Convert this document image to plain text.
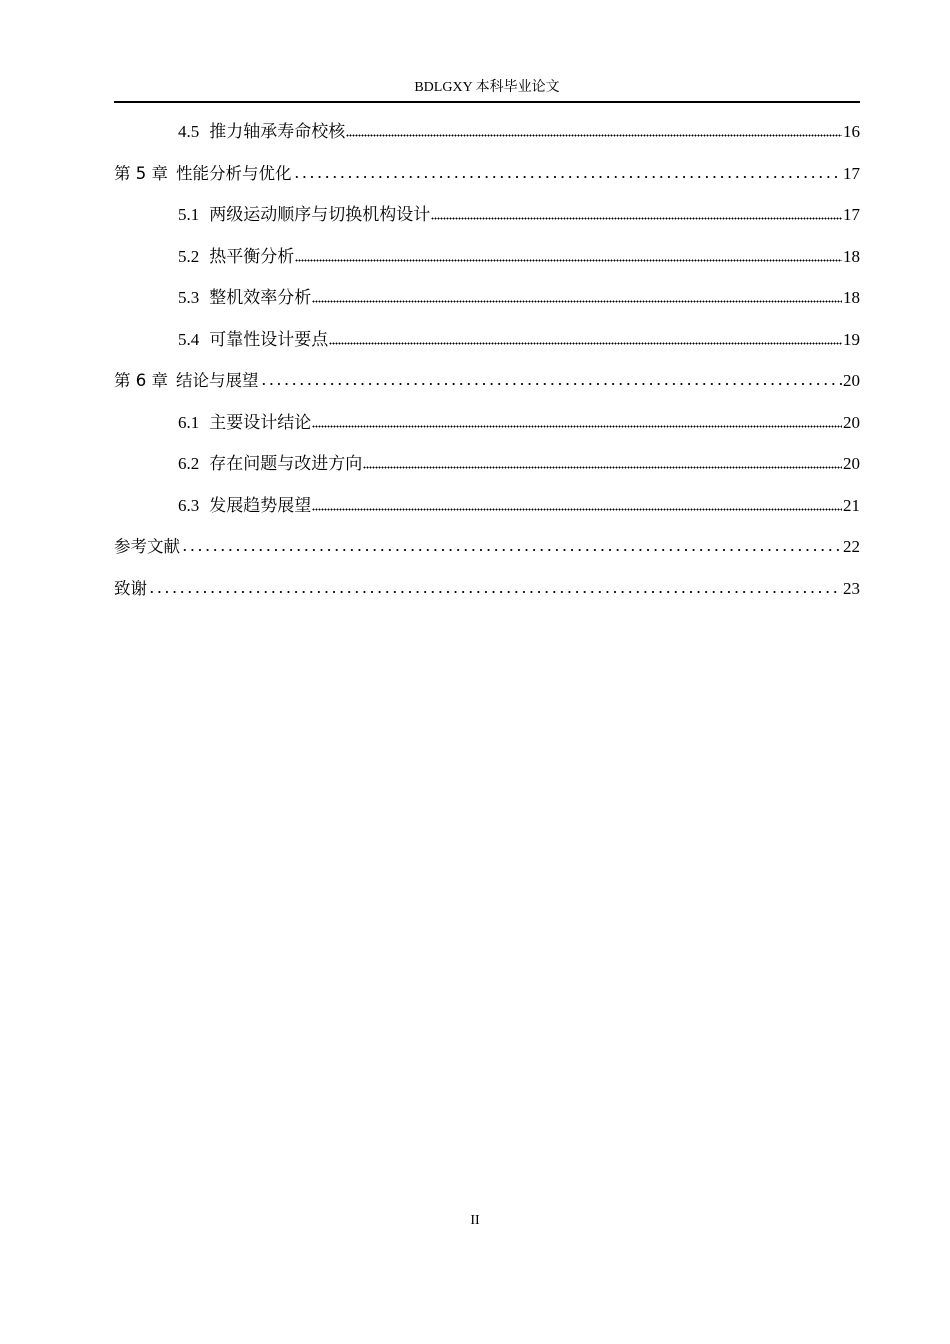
BDLGXY 本科毕业论文
4.5 推力轴承寿命校核	16
第 5 章 性能分析与优化	17
5.1 两级运动顺序与切换机构设计	17
5.2 热平衡分析	18
5.3 整机效率分析	18
5.4 可靠性设计要点	19
第 6 章 结论与展望	20
6.1 主要设计结论	20
6.2 存在问题与改进方向	20
6.3 发展趋势展望	21
参考文献	22
致谢	23
II
